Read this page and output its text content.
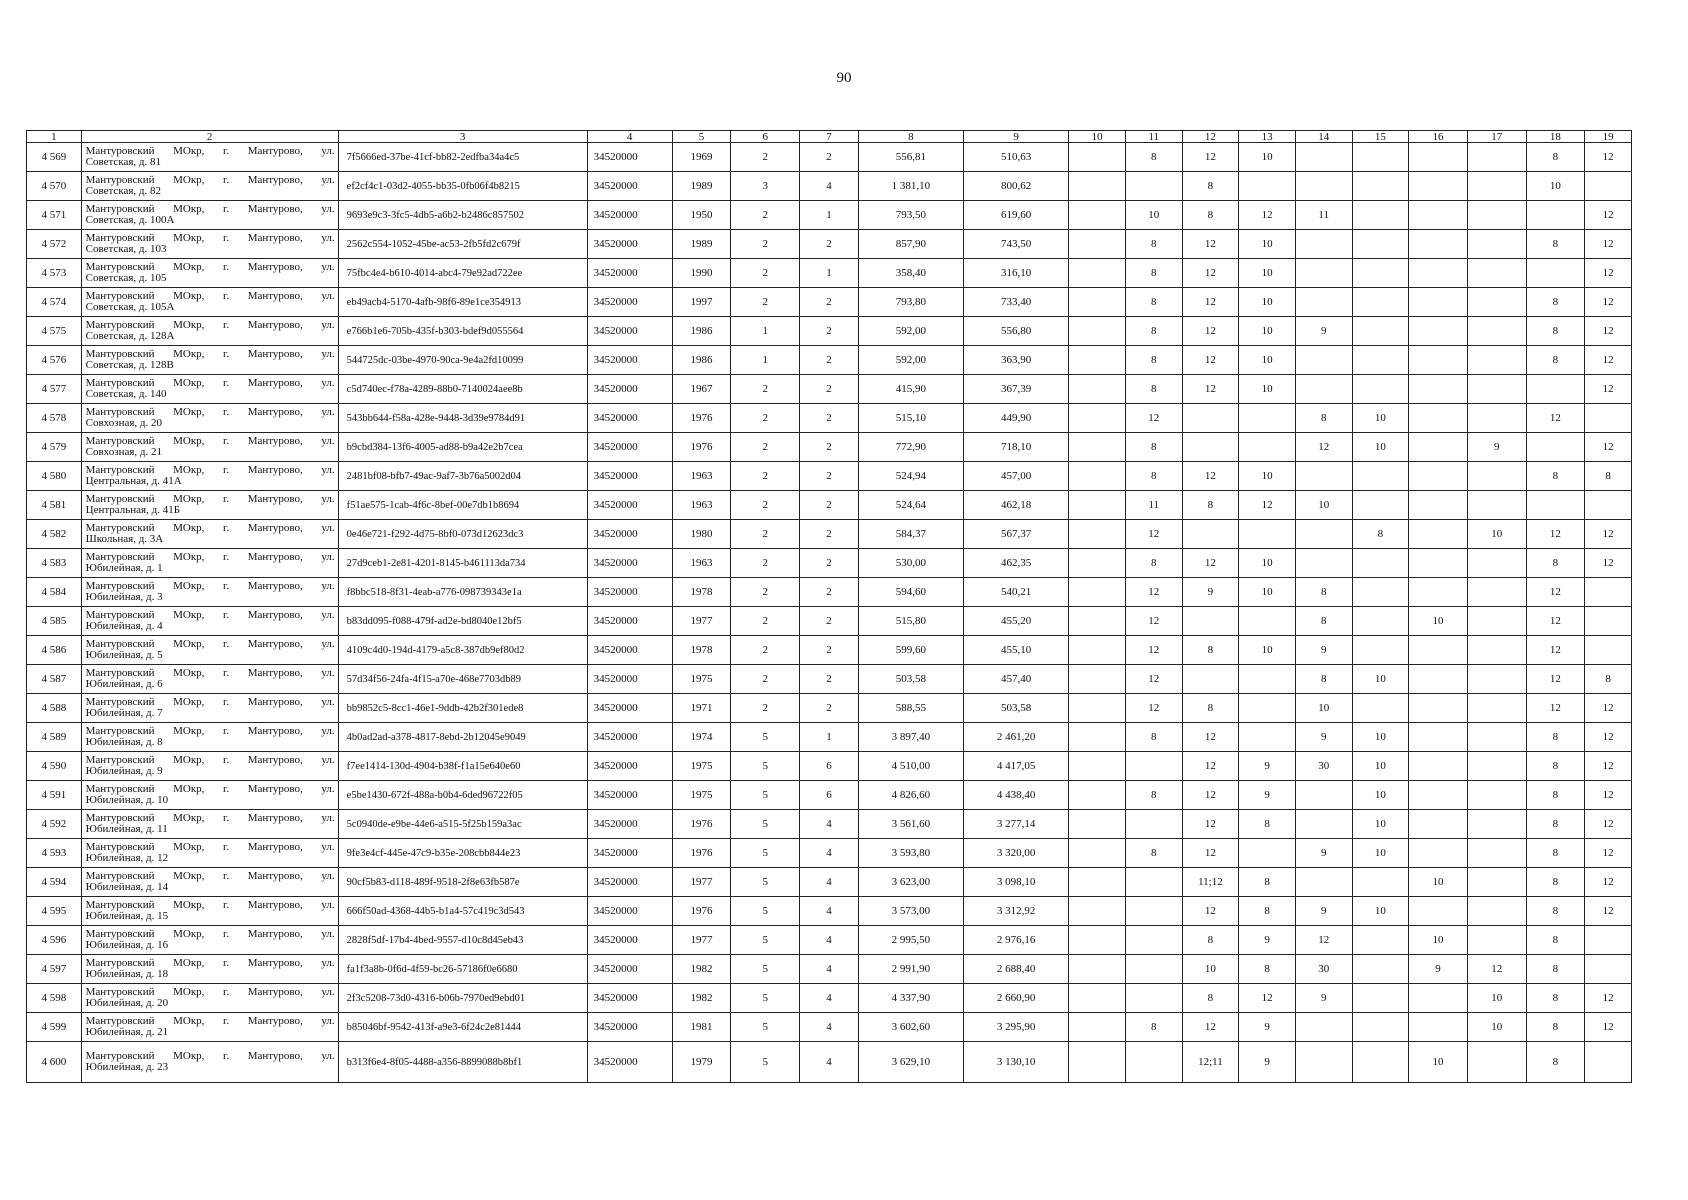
90
1	2	3	4	5	6	7	8	9	10	11	12	13	14	15	16	17	18	19
4 569	Мантуровский МОкр, г. Мантурово, ул.
Советская, д. 81	7f5666ed-37be-41cf-bb82-2edfba34a4c5	34520000	1969	2	2	556,81	510,63		8	12	10					8	12
4 570	Мантуровский МОкр, г. Мантурово, ул.
Советская, д. 82	ef2cf4c1-03d2-4055-bb35-0fb06f4b8215	34520000	1989	3	4	1 381,10	800,62			8						10	
4 571	Мантуровский МОкр, г. Мантурово, ул.
Советская, д. 100А	9693e9c3-3fc5-4db5-a6b2-b2486c857502	34520000	1950	2	1	793,50	619,60		10	8	12	11					12
4 572	Мантуровский МОкр, г. Мантурово, ул.
Советская, д. 103	2562c554-1052-45be-ac53-2fb5fd2c679f	34520000	1989	2	2	857,90	743,50		8	12	10					8	12
4 573	Мантуровский МОкр, г. Мантурово, ул.
Советская, д. 105	75fbc4e4-b610-4014-abc4-79e92ad722ee	34520000	1990	2	1	358,40	316,10		8	12	10						12
4 574	Мантуровский МОкр, г. Мантурово, ул.
Советская, д. 105А	eb49acb4-5170-4afb-98f6-89e1ce354913	34520000	1997	2	2	793,80	733,40		8	12	10					8	12
4 575	Мантуровский МОкр, г. Мантурово, ул.
Советская, д. 128А	e766b1e6-705b-435f-b303-bdef9d055564	34520000	1986	1	2	592,00	556,80		8	12	10	9				8	12
4 576	Мантуровский МОкр, г. Мантурово, ул.
Советская, д. 128В	544725dc-03be-4970-90ca-9e4a2fd10099	34520000	1986	1	2	592,00	363,90		8	12	10					8	12
4 577	Мантуровский МОкр, г. Мантурово, ул.
Советская, д. 140	c5d740ec-f78a-4289-88b0-7140024aee8b	34520000	1967	2	2	415,90	367,39		8	12	10						12
4 578	Мантуровский МОкр, г. Мантурово, ул.
Совхозная, д. 20	543bb644-f58a-428e-9448-3d39e9784d91	34520000	1976	2	2	515,10	449,90		12			8	10			12	
4 579	Мантуровский МОкр, г. Мантурово, ул.
Совхозная, д. 21	b9cbd384-13f6-4005-ad88-b9a42e2b7cea	34520000	1976	2	2	772,90	718,10		8			12	10		9		12
4 580	Мантуровский МОкр, г. Мантурово, ул.
Центральная, д. 41А	2481bf08-bfb7-49ac-9af7-3b76a5002d04	34520000	1963	2	2	524,94	457,00		8	12	10					8	8
4 581	Мантуровский МОкр, г. Мантурово, ул.
Центральная, д. 41Б	f51ae575-1cab-4f6c-8bef-00e7db1b8694	34520000	1963	2	2	524,64	462,18		11	8	12	10					
4 582	Мантуровский МОкр, г. Мантурово, ул.
Школьная, д. 3А	0e46e721-f292-4d75-8bf0-073d12623dc3	34520000	1980	2	2	584,37	567,37		12				8		10	12	12
4 583	Мантуровский МОкр, г. Мантурово, ул.
Юбилейная, д. 1	27d9ceb1-2e81-4201-8145-b461113da734	34520000	1963	2	2	530,00	462,35		8	12	10					8	12
4 584	Мантуровский МОкр, г. Мантурово, ул.
Юбилейная, д. 3	f8bbc518-8f31-4eab-a776-098739343e1a	34520000	1978	2	2	594,60	540,21		12	9	10	8				12	
4 585	Мантуровский МОкр, г. Мантурово, ул.
Юбилейная, д. 4	b83dd095-f088-479f-ad2e-bd8040e12bf5	34520000	1977	2	2	515,80	455,20		12			8		10		12	
4 586	Мантуровский МОкр, г. Мантурово, ул.
Юбилейная, д. 5	4109c4d0-194d-4179-a5c8-387db9ef80d2	34520000	1978	2	2	599,60	455,10		12	8	10	9				12	
4 587	Мантуровский МОкр, г. Мантурово, ул.
Юбилейная, д. 6	57d34f56-24fa-4f15-a70e-468e7703db89	34520000	1975	2	2	503,58	457,40		12			8	10			12	8
4 588	Мантуровский МОкр, г. Мантурово, ул.
Юбилейная, д. 7	bb9852c5-8cc1-46e1-9ddb-42b2f301ede8	34520000	1971	2	2	588,55	503,58		12	8		10				12	12
4 589	Мантуровский МОкр, г. Мантурово, ул.
Юбилейная, д. 8	4b0ad2ad-a378-4817-8ebd-2b12045e9049	34520000	1974	5	1	3 897,40	2 461,20		8	12		9	10			8	12
4 590	Мантуровский МОкр, г. Мантурово, ул.
Юбилейная, д. 9	f7ee1414-130d-4904-b38f-f1a15e640e60	34520000	1975	5	6	4 510,00	4 417,05			12	9	30	10			8	12
4 591	Мантуровский МОкр, г. Мантурово, ул.
Юбилейная, д. 10	e5be1430-672f-488a-b0b4-6ded96722f05	34520000	1975	5	6	4 826,60	4 438,40		8	12	9		10			8	12
4 592	Мантуровский МОкр, г. Мантурово, ул.
Юбилейная, д. 11	5c0940de-e9be-44e6-a515-5f25b159a3ac	34520000	1976	5	4	3 561,60	3 277,14			12	8		10			8	12
4 593	Мантуровский МОкр, г. Мантурово, ул.
Юбилейная, д. 12	9fe3e4cf-445e-47c9-b35e-208cbb844e23	34520000	1976	5	4	3 593,80	3 320,00		8	12		9	10			8	12
4 594	Мантуровский МОкр, г. Мантурово, ул.
Юбилейная, д. 14	90cf5b83-d118-489f-9518-2f8e63fb587e	34520000	1977	5	4	3 623,00	3 098,10			11;12	8			10		8	12
4 595	Мантуровский МОкр, г. Мантурово, ул.
Юбилейная, д. 15	666f50ad-4368-44b5-b1a4-57c419c3d543	34520000	1976	5	4	3 573,00	3 312,92			12	8	9	10			8	12
4 596	Мантуровский МОкр, г. Мантурово, ул.
Юбилейная, д. 16	2828f5df-17b4-4bed-9557-d10c8d45eb43	34520000	1977	5	4	2 995,50	2 976,16			8	9	12		10		8	
4 597	Мантуровский МОкр, г. Мантурово, ул.
Юбилейная, д. 18	fa1f3a8b-0f6d-4f59-bc26-57186f0e6680	34520000	1982	5	4	2 991,90	2 688,40			10	8	30		9	12	8	
4 598	Мантуровский МОкр, г. Мантурово, ул.
Юбилейная, д. 20	2f3c5208-73d0-4316-b06b-7970ed9ebd01	34520000	1982	5	4	4 337,90	2 660,90			8	12	9			10	8	12
4 599	Мантуровский МОкр, г. Мантурово, ул.
Юбилейная, д. 21	b85046bf-9542-413f-a9e3-6f24c2e81444	34520000	1981	5	4	3 602,60	3 295,90		8	12	9				10	8	12
4 600	Мантуровский МОкр, г. Мантурово, ул.
Юбилейная, д. 23	b313f6e4-8f05-4488-a356-8899088b8bf1	34520000	1979	5	4	3 629,10	3 130,10			12;11	9			10		8	
